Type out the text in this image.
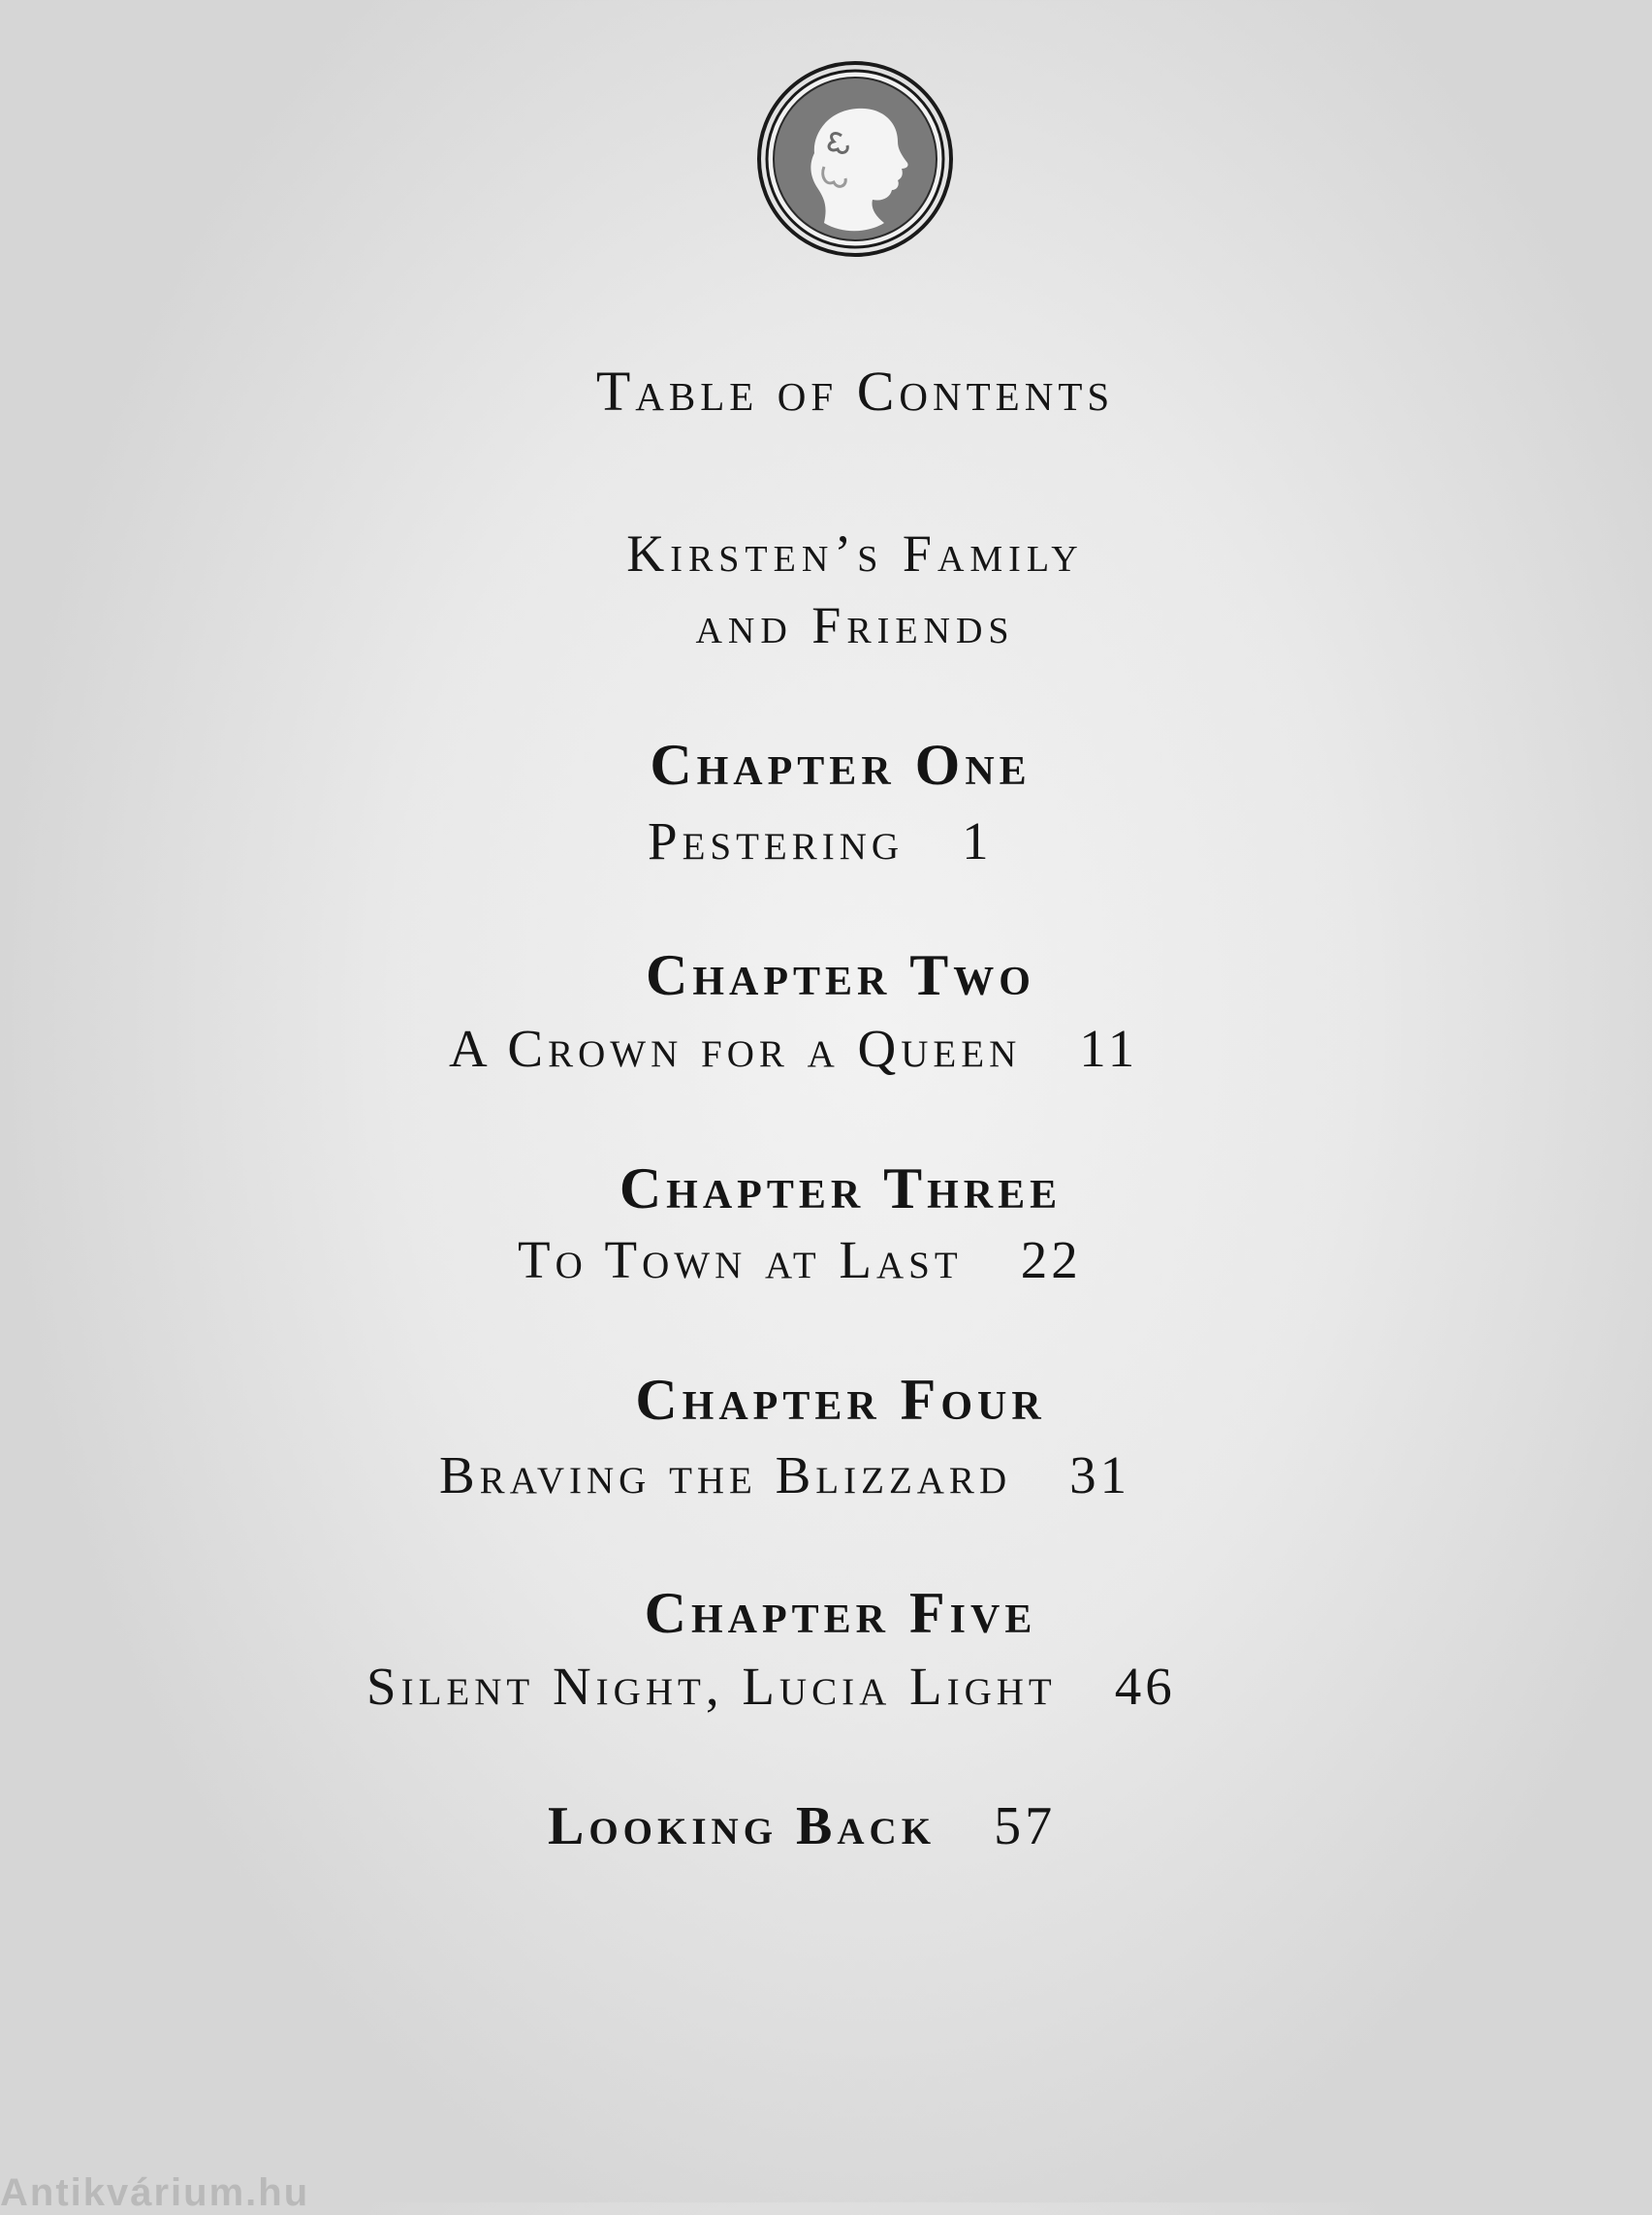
Table of Contents
Kirsten’s Family
and Friends
Chapter One
Pestering 1
Chapter Two
A Crown for a Queen 11
Chapter Three
To Town at Last 22
Chapter Four
Braving the Blizzard 31
Chapter Five
Silent Night, Lucia Light 46
Looking Back 57
Antikvárium.hu
